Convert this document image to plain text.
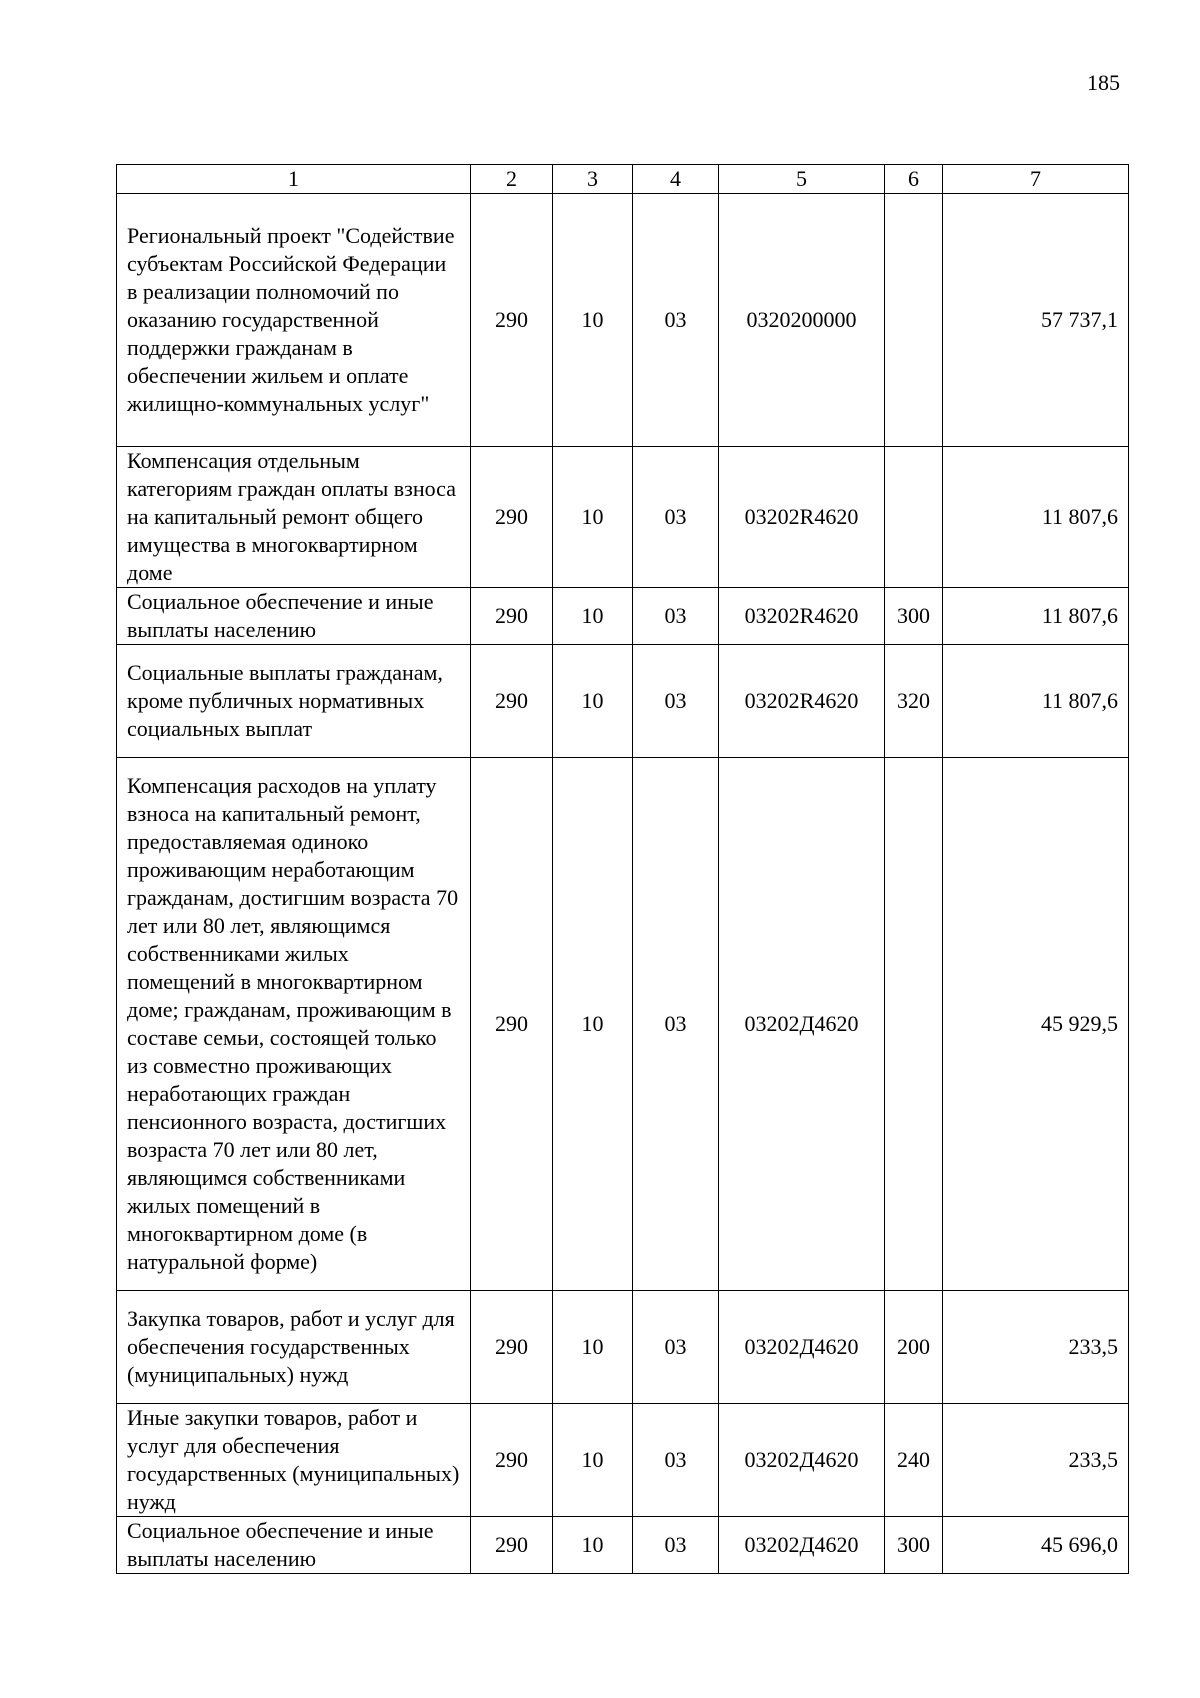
185
1	2	3	4	5	6	7
Региональный проект "Содействие субъектам Российской Федерации в реализации полномочий по оказанию государственной поддержки гражданам в обеспечении жильем и оплате жилищно-коммунальных услуг"	290	10	03	0320200000		57 737,1
Компенсация отдельным категориям граждан оплаты взноса на капитальный ремонт общего имущества в многоквартирном доме	290	10	03	03202R4620		11 807,6
Социальное обеспечение и иные выплаты населению	290	10	03	03202R4620	300	11 807,6
Социальные выплаты гражданам, кроме публичных нормативных социальных выплат	290	10	03	03202R4620	320	11 807,6
Компенсация расходов на уплату взноса на капитальный ремонт, предоставляемая одиноко проживающим неработающим гражданам, достигшим возраста 70 лет или 80 лет, являющимся собственниками жилых помещений в многоквартирном доме; гражданам, проживающим в составе семьи, состоящей только из совместно проживающих неработающих граждан пенсионного возраста, достигших возраста 70 лет или 80 лет, являющимся собственниками жилых помещений в многоквартирном доме (в натуральной форме)	290	10	03	03202Д4620		45 929,5
Закупка товаров, работ и услуг для обеспечения государственных (муниципальных) нужд	290	10	03	03202Д4620	200	233,5
Иные закупки товаров, работ и услуг для обеспечения государственных (муниципальных) нужд	290	10	03	03202Д4620	240	233,5
Социальное обеспечение и иные выплаты населению	290	10	03	03202Д4620	300	45 696,0
